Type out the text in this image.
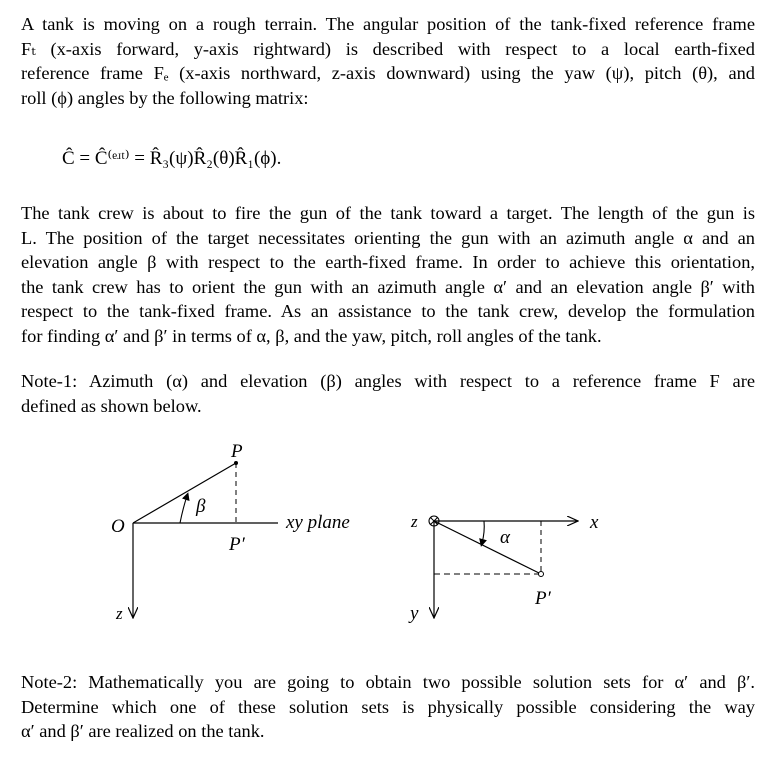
A tank is moving on a rough terrain. The angular position of the tank-fixed reference frame
Fₜ (x-axis forward, y-axis rightward) is described with respect to a local earth-fixed
reference frame Fₑ (x-axis northward, z-axis downward) using the yaw (ψ), pitch (θ), and
roll (ϕ) angles by the following matrix:
Ĉ = Ĉ⁽ᵉʴᵗ⁾ = R̂₃(ψ)R̂₂(θ)R̂₁(ϕ).
The tank crew is about to fire the gun of the tank toward a target. The length of the gun is
L. The position of the target necessitates orienting the gun with an azimuth angle α and an
elevation angle β with respect to the earth-fixed frame. In order to achieve this orientation,
the tank crew has to orient the gun with an azimuth angle α′ and an elevation angle β′ with
respect to the tank-fixed frame. As an assistance to the tank crew, develop the formulation
for finding α′ and β′ in terms of α, β, and the yaw, pitch, roll angles of the tank.
Note-1: Azimuth (α) and elevation (β) angles with respect to a reference frame F are
defined as shown below.
P
O
β
P′
z
xy plane	z	x
α
P′
y
Note-2: Mathematically you are going to obtain two possible solution sets for α′ and β′.
Determine which one of these solution sets is physically possible considering the way
α′ and β′ are realized on the tank.
